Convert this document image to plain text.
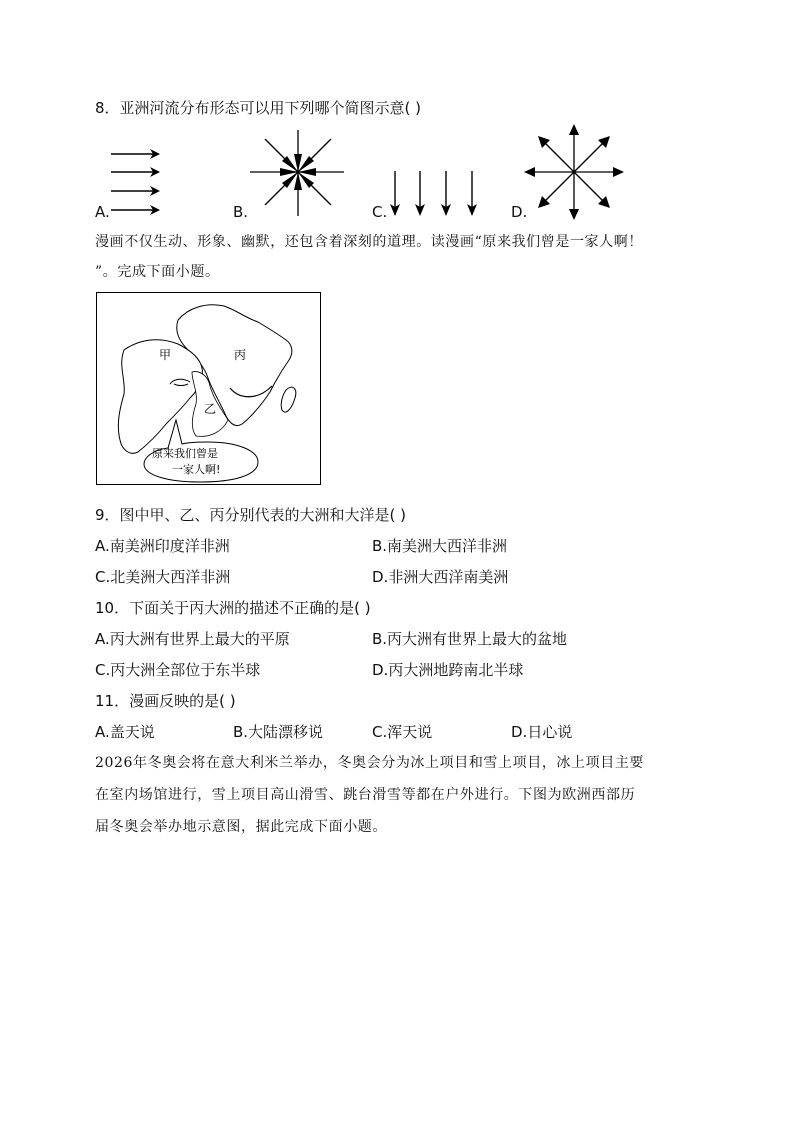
8．亚洲河流分布形态可以用下列哪个简图示意( )
A.	B.	C.	D.
漫画不仅生动、形象、幽默，还包含着深刻的道理。读漫画“原来我们曾是一家人啊！
”。完成下面小题。
甲
乙
丙
原来我们曾是
一家人啊!
9．图中甲、乙、丙分别代表的大洲和大洋是( )
A.南美洲印度洋非洲	B.南美洲大西洋非洲
C.北美洲大西洋非洲	D.非洲大西洋南美洲
10．下面关于丙大洲的描述不正确的是( )
A.丙大洲有世界上最大的平原	B.丙大洲有世界上最大的盆地
C.丙大洲全部位于东半球	D.丙大洲地跨南北半球
11．漫画反映的是( )
A.盖天说	B.大陆漂移说	C.浑天说	D.日心说
2026年冬奥会将在意大利米兰举办，冬奥会分为冰上项目和雪上项目，冰上项目主要
在室内场馆进行，雪上项目高山滑雪、跳台滑雪等都在户外进行。下图为欧洲西部历
届冬奥会举办地示意图，据此完成下面小题。
